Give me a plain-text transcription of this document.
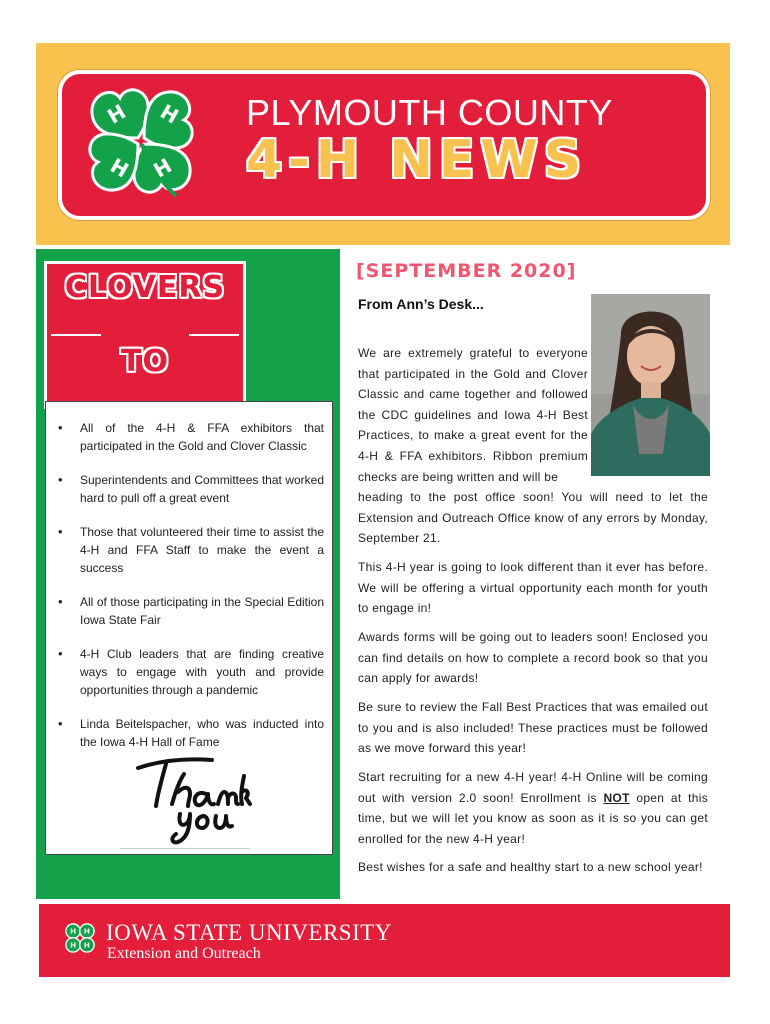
H H
H
H
PLYMOUTH COUNTY
4-H NEWS
CLOVERS
TO
• All of the 4-H & FFA exhibitors that participated in the Gold and Clover Classic
• Superintendents and Committees that worked hard to pull off a great event
• Those that volunteered their time to assist the 4-H and FFA Staff to make the event a success
• All of those participating in the Special Edition Iowa State Fair
• 4-H Club leaders that are finding creative ways to engage with youth and provide opportunities through a pandemic
• Linda Beitelspacher, who was inducted into the Iowa 4-H Hall of Fame
[SEPTEMBER 2020]
From Ann’s Desk...
We are extremely grateful to everyone that participated in the Gold and Clover Classic and came together and followed the CDC guidelines and Iowa 4-H Best Practices, to make a great event for the 4-H & FFA exhibitors. Ribbon premium checks are being written and will be
heading to the post office soon! You will need to let the Extension and Outreach Office know of any errors by Monday, September 21.
This 4-H year is going to look different than it ever has before. We will be offering a virtual opportunity each month for youth to engage in!
Awards forms will be going out to leaders soon! Enclosed you can find details on how to complete a record book so that you can apply for awards!
Be sure to review the Fall Best Practices that was emailed out to you and is also included! These practices must be followed as we move forward this year!
Start recruiting for a new 4-H year! 4-H Online will be coming out with version 2.0 soon! Enrollment is NOT open at this time, but we will let you know as soon as it is so you can get enrolled for the new 4-H year!
Best wishes for a safe and healthy start to a new school year!
H H
H H IOWA STATE UNIVERSITY
Extension and Outreach
